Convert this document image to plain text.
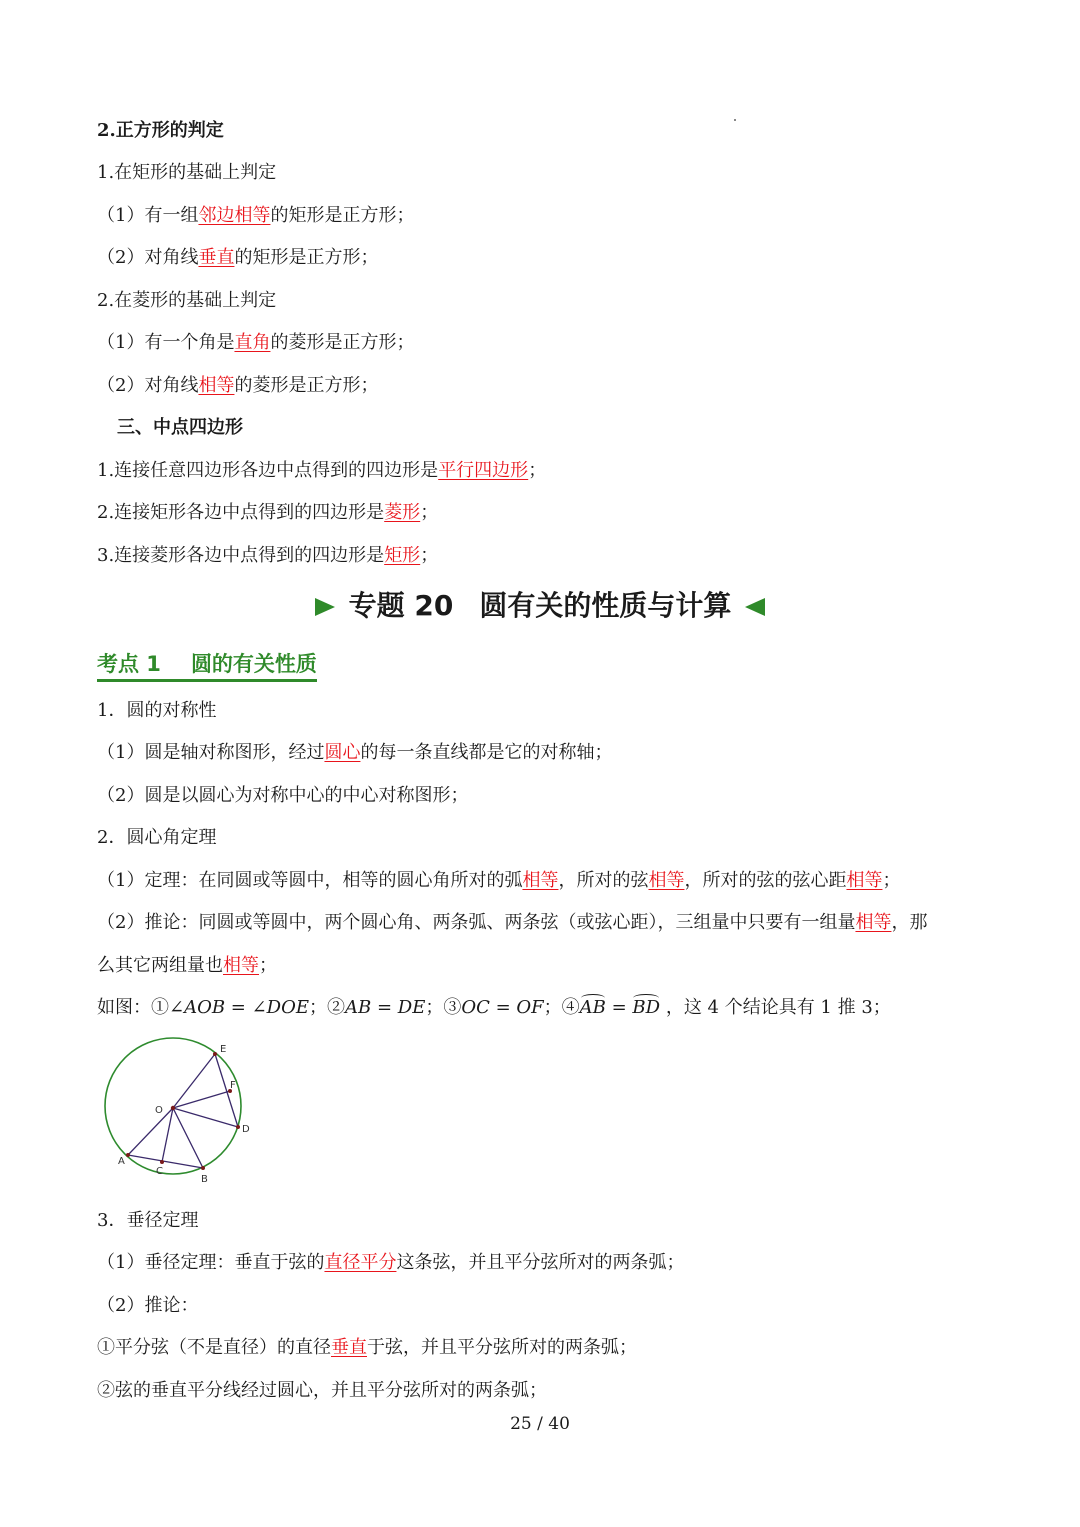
2.正方形的判定
1.在矩形的基础上判定
（1）有一组邻边相等的矩形是正方形；
（2）对角线垂直的矩形是正方形；
2.在菱形的基础上判定
（1）有一个角是直角的菱形是正方形；
（2）对角线相等的菱形是正方形；
三、中点四边形
1.连接任意四边形各边中点得到的四边形是平行四边形；
2.连接矩形各边中点得到的四边形是菱形；
3.连接菱形各边中点得到的四边形是矩形；
专题 20 圆有关的性质与计算
考点 1 圆的有关性质
1．圆的对称性
（1）圆是轴对称图形，经过圆心的每一条直线都是它的对称轴；
（2）圆是以圆心为对称中心的中心对称图形；
2．圆心角定理
（1）定理：在同圆或等圆中，相等的圆心角所对的弧相等，所对的弦相等，所对的弦的弦心距相等；
（2）推论：同圆或等圆中，两个圆心角、两条弧、两条弦（或弦心距），三组量中只要有一组量相等，那
么其它两组量也相等；
如图：①∠AOB = ∠DOE；②AB = DE；③OC = OF；④AB = BD ，这 4 个结论具有 1 推 3；
O
A
B
C
D
E
F
3．垂径定理
（1）垂径定理：垂直于弦的直径平分这条弦，并且平分弦所对的两条弧；
（2）推论：
①平分弦（不是直径）的直径垂直于弦，并且平分弦所对的两条弧；
②弦的垂直平分线经过圆心，并且平分弦所对的两条弧；
25 / 40
